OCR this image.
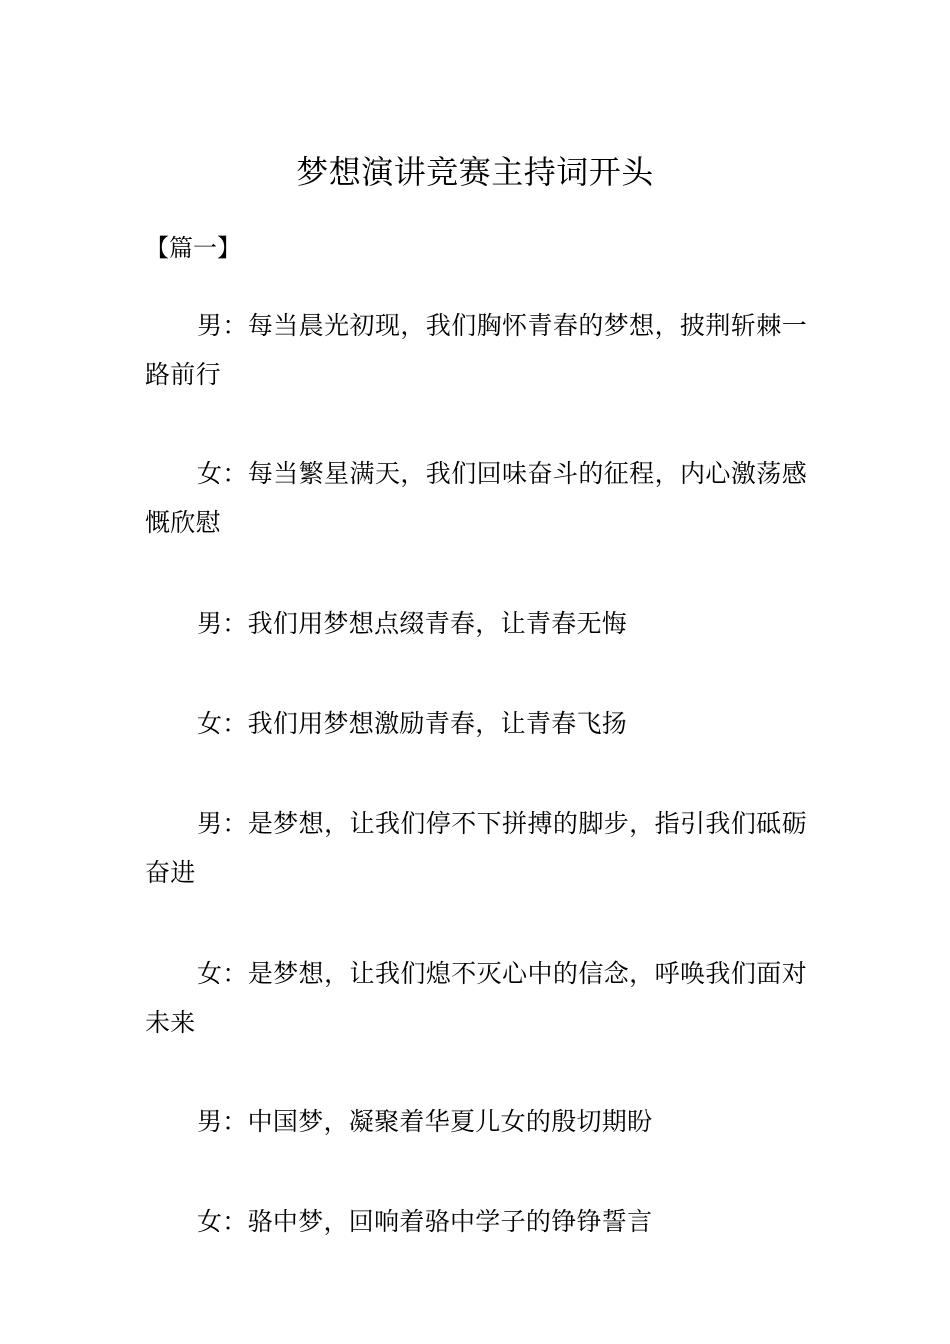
梦想演讲竞赛主持词开头
【篇一】

男：每当晨光初现，我们胸怀青春的梦想，披荆斩棘一路前行

女：每当繁星满天，我们回味奋斗的征程，内心激荡感慨欣慰

男：我们用梦想点缀青春，让青春无悔

女：我们用梦想激励青春，让青春飞扬

男：是梦想，让我们停不下拼搏的脚步，指引我们砥砺奋进

女：是梦想，让我们熄不灭心中的信念，呼唤我们面对未来

男：中国梦，凝聚着华夏儿女的殷切期盼

女：骆中梦，回响着骆中学子的铮铮誓言
